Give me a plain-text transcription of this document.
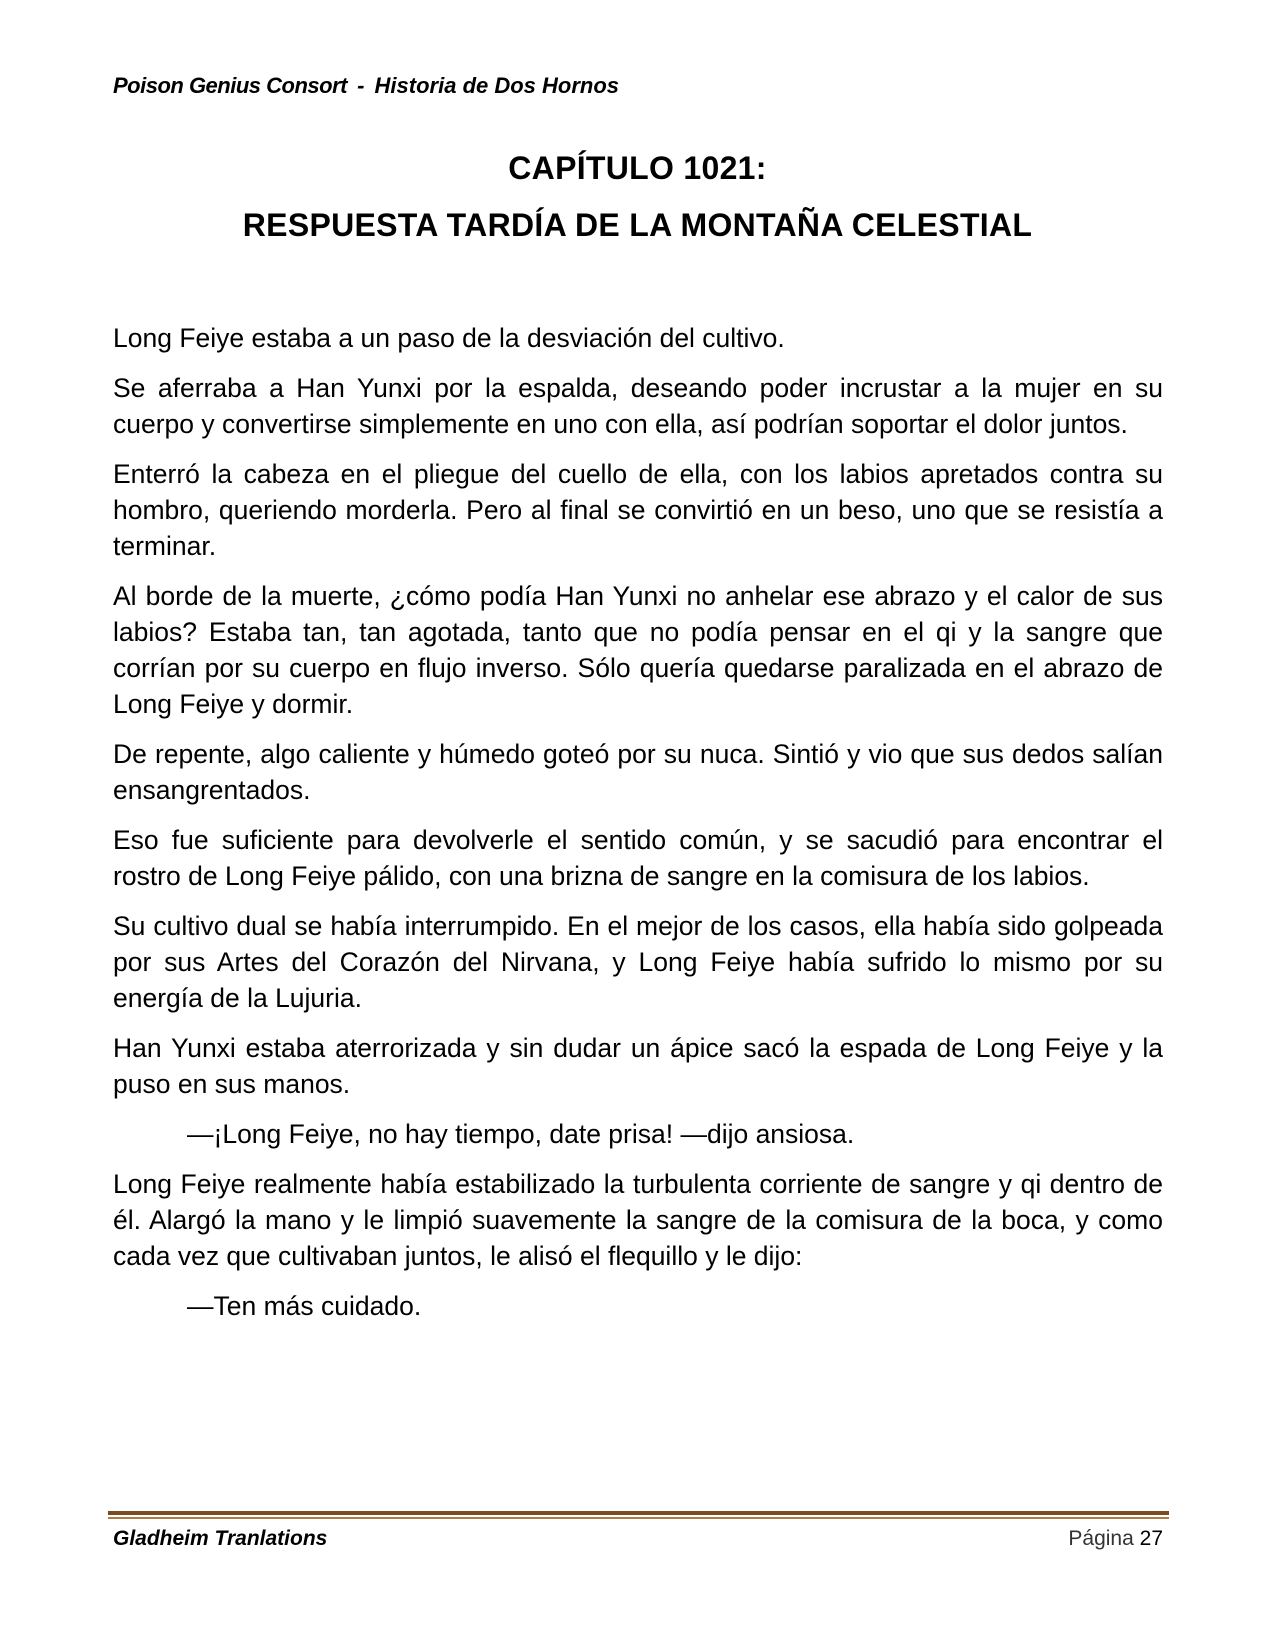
Poison Genius Consort - Historia de Dos Hornos
CAPÍTULO 1021:
RESPUESTA TARDÍA DE LA MONTAÑA CELESTIAL

Long Feiye estaba a un paso de la desviación del cultivo.

Se aferraba a Han Yunxi por la espalda, deseando poder incrustar a la mujer en su cuerpo y convertirse simplemente en uno con ella, así podrían soportar el dolor juntos.

Enterró la cabeza en el pliegue del cuello de ella, con los labios apretados contra su hombro, queriendo morderla. Pero al final se convirtió en un beso, uno que se resistía a terminar.

Al borde de la muerte, ¿cómo podía Han Yunxi no anhelar ese abrazo y el calor de sus labios? Estaba tan, tan agotada, tanto que no podía pensar en el qi y la sangre que corrían por su cuerpo en flujo inverso. Sólo quería quedarse paralizada en el abrazo de Long Feiye y dormir.

De repente, algo caliente y húmedo goteó por su nuca. Sintió y vio que sus dedos salían ensangrentados.

Eso fue suficiente para devolverle el sentido común, y se sacudió para encontrar el rostro de Long Feiye pálido, con una brizna de sangre en la comisura de los labios.

Su cultivo dual se había interrumpido. En el mejor de los casos, ella había sido golpeada por sus Artes del Corazón del Nirvana, y Long Feiye había sufrido lo mismo por su energía de la Lujuria.

Han Yunxi estaba aterrorizada y sin dudar un ápice sacó la espada de Long Feiye y la puso en sus manos.

—¡Long Feiye, no hay tiempo, date prisa! —dijo ansiosa.

Long Feiye realmente había estabilizado la turbulenta corriente de sangre y qi dentro de él. Alargó la mano y le limpió suavemente la sangre de la comisura de la boca, y como cada vez que cultivaban juntos, le alisó el flequillo y le dijo:

—Ten más cuidado.

Gladheim Tranlations	Página 27
